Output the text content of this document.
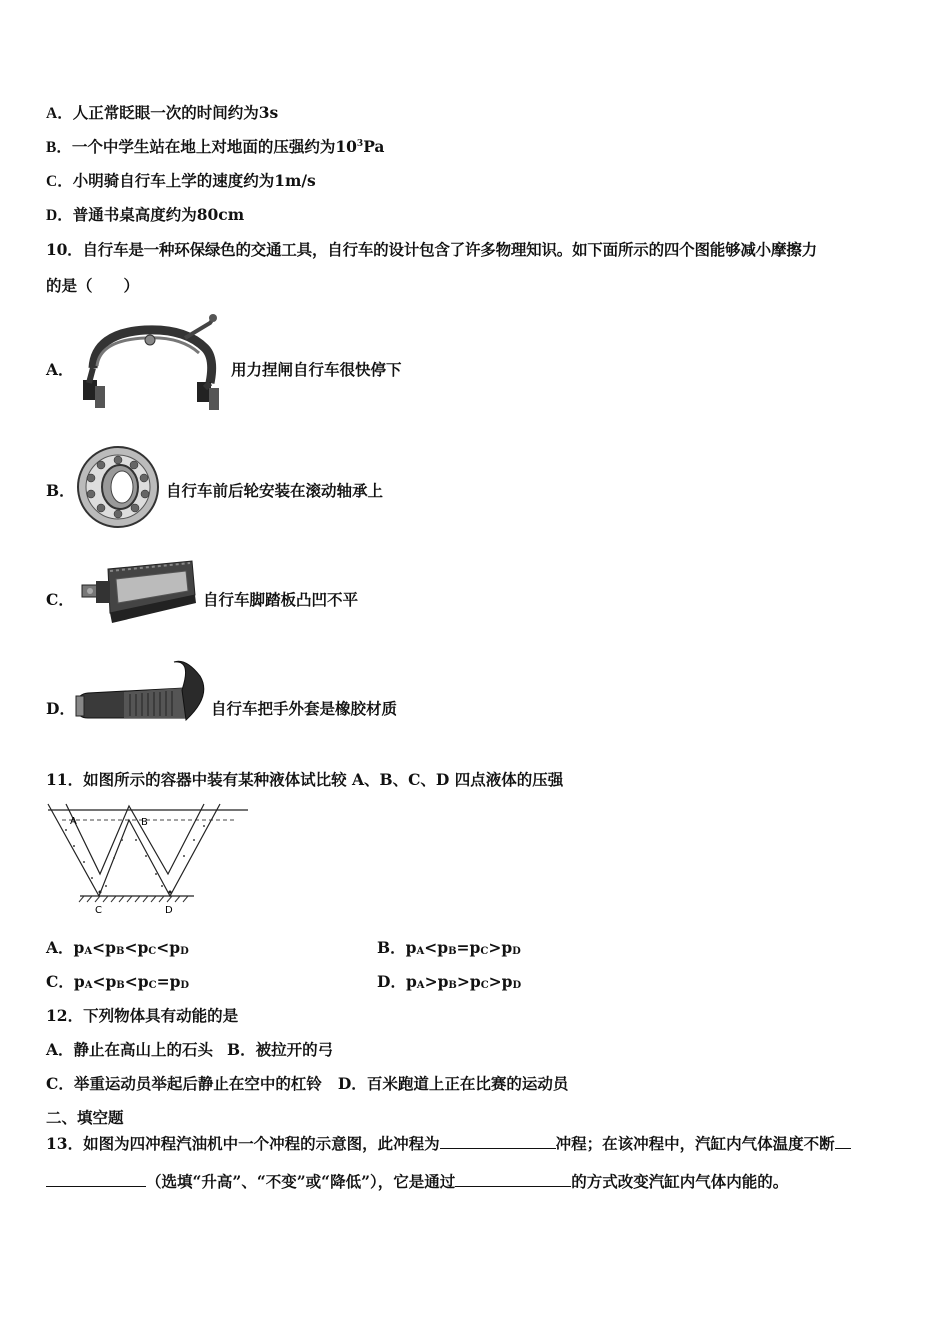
A．人正常眨眼一次的时间约为3s
B．一个中学生站在地上对地面的压强约为$10^3Pa$
C．小明骑自行车上学的速度约为1m/s
D．普通书桌高度约为80cm
10．自行车是一种环保绿色的交通工具，自行车的设计包含了许多物理知识。如下面所示的四个图能够减小摩擦力
的是（　　）
A．	用力捏闸自行车很快停下
B．	自行车前后轮安装在滚动轴承上
C．	自行车脚踏板凸凹不平
D．	自行车把手外套是橡胶材质
11．如图所示的容器中装有某种液体试比较 A、B、C、D 四点液体的压强
A	B
C	D
A．pA<pB<pC<pD	B．pA<pB=pC>pD
C．pA<pB<pC=pD	D．pA>pB>pC>pD
12．下列物体具有动能的是
A．静止在高山上的石头 B．被拉开的弓
C．举重运动员举起后静止在空中的杠铃 D．百米跑道上正在比赛的运动员
二、填空题
13．如图为四冲程汽油机中一个冲程的示意图，此冲程为	冲程；在该冲程中，汽缸内气体温度不断
（选填“升高”、“不变”或“降低”），它是通过	的方式改变汽缸内气体内能的。
